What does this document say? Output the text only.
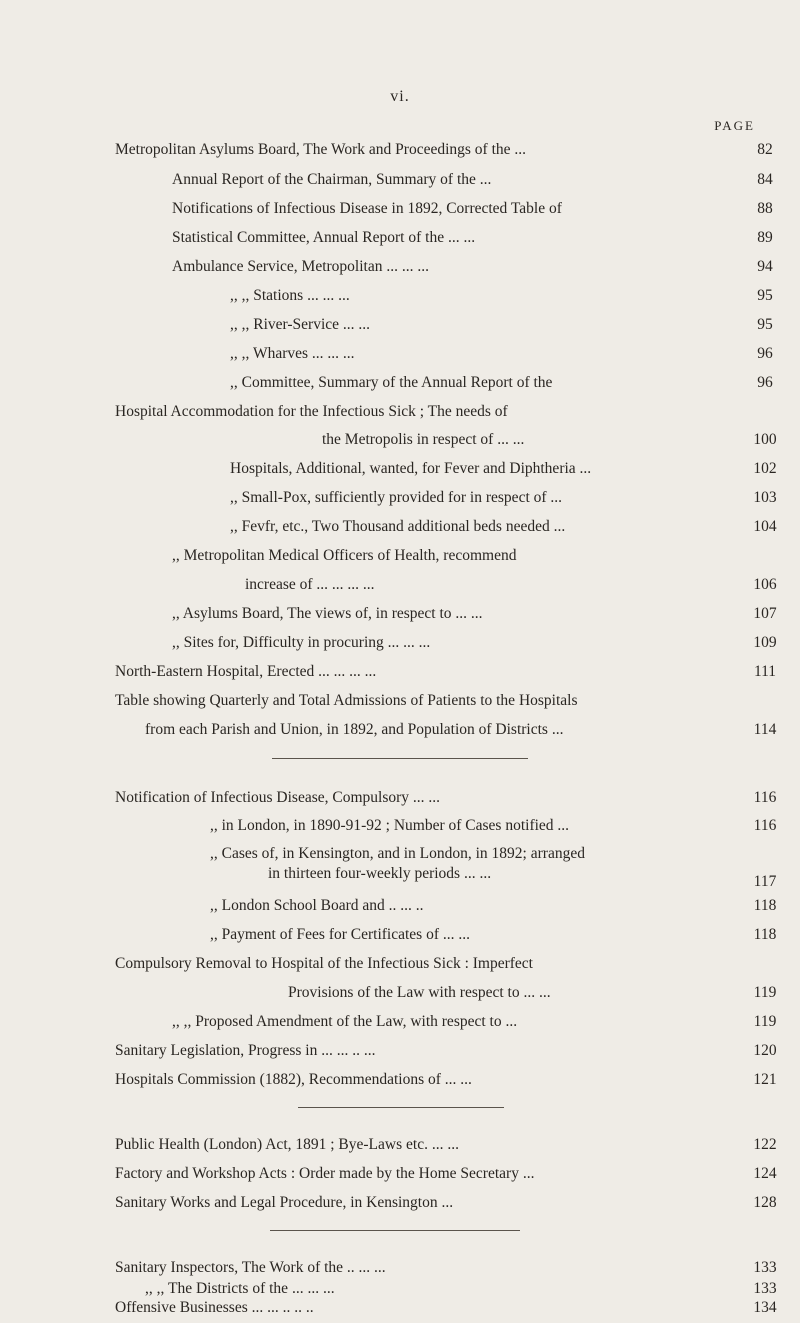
vi.
PAGE
Metropolitan Asylums Board, The Work and Proceedings of the ...	82
Annual Report of the Chairman, Summary of the ...	84
Notifications of Infectious Disease in 1892, Corrected Table of	88
Statistical Committee, Annual Report of the ... ...	89
Ambulance Service, Metropolitan ... ... ...	94
,, ,, Stations ... ... ...	95
,, ,, River-Service ... ...	95
,, ,, Wharves ... ... ...	96
,, Committee, Summary of the Annual Report of the	96
Hospital Accommodation for the Infectious Sick ; The needs of
the Metropolis in respect of ... ...	100
Hospitals, Additional, wanted, for Fever and Diphtheria ...	102
,, Small-Pox, sufficiently provided for in respect of ...	103
,, Fevfr, etc., Two Thousand additional beds needed ...	104
,, Metropolitan Medical Officers of Health, recommend
increase of ... ... ... ...	106
,, Asylums Board, The views of, in respect to ... ...	107
,, Sites for, Difficulty in procuring ... ... ...	109
North-Eastern Hospital, Erected ... ... ... ...	111
Table showing Quarterly and Total Admissions of Patients to the Hospitals
from each Parish and Union, in 1892, and Population of Districts ...	114
Notification of Infectious Disease, Compulsory ... ...	116
,, in London, in 1890-91-92 ; Number of Cases notified ...	116
,, Cases of, in Kensington, and in London, in 1892; arranged
in thirteen four-weekly periods ... ...	117
,, London School Board and .. ... ..	118
,, Payment of Fees for Certificates of ... ...	118
Compulsory Removal to Hospital of the Infectious Sick : Imperfect
Provisions of the Law with respect to ... ...	119
,, ,, Proposed Amendment of the Law, with respect to ...	119
Sanitary Legislation, Progress in ... ... .. ...	120
Hospitals Commission (1882), Recommendations of ... ...	121
Public Health (London) Act, 1891 ; Bye-Laws etc. ... ...	122
Factory and Workshop Acts : Order made by the Home Secretary ...	124
Sanitary Works and Legal Procedure, in Kensington ...	128
Sanitary Inspectors, The Work of the .. ... ...	133
,, ,, The Districts of the ... ... ...	133
Offensive Businesses ... ... .. .. ..	134
